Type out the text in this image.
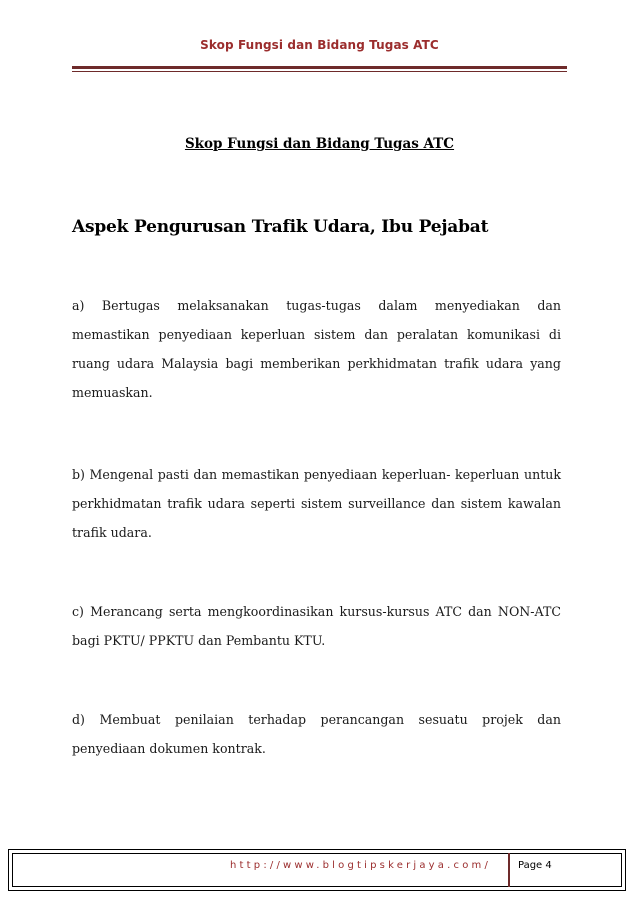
Skop Fungsi dan Bidang Tugas ATC
Skop Fungsi dan Bidang Tugas ATC
Aspek Pengurusan Trafik Udara, Ibu Pejabat

a) Bertugas melaksanakan tugas-tugas dalam menyediakan dan memastikan penyediaan keperluan sistem dan peralatan komunikasi di ruang udara Malaysia bagi memberikan perkhidmatan trafik udara yang memuaskan.

b) Mengenal pasti dan memastikan penyediaan keperluan- keperluan untuk perkhidmatan trafik udara seperti sistem surveillance dan sistem kawalan trafik udara.

c) Merancang serta mengkoordinasikan kursus-kursus ATC dan NON-ATC bagi PKTU/ PPKTU dan Pembantu KTU.

d) Membuat penilaian terhadap perancangan sesuatu projek dan penyediaan dokumen kontrak.

http://www.blogtipskerjaya.com/	Page 4
